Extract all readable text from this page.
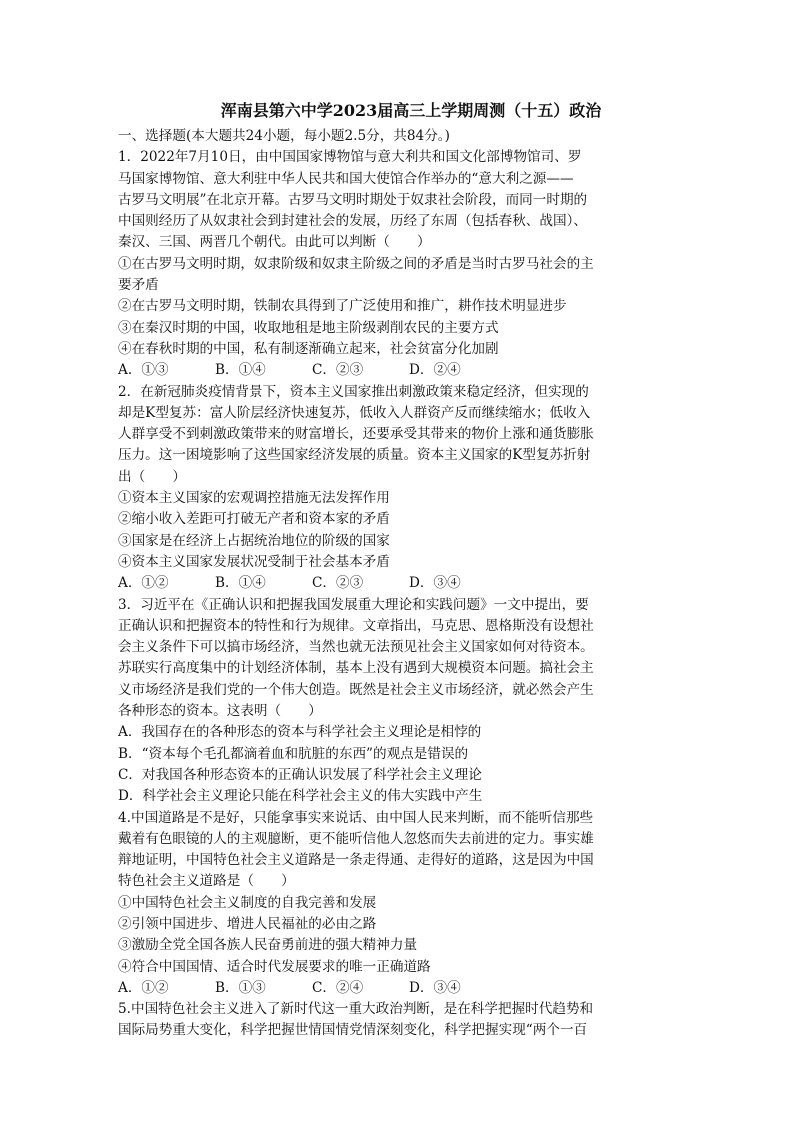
浑南县第六中学2023届高三上学期周测（十五）政治
一、选择题(本大题共24小题，每小题2.5分，共84分。)
1．2022年7月10日，由中国国家博物馆与意大利共和国文化部博物馆司、罗
马国家博物馆、意大利驻中华人民共和国大使馆合作举办的“意大利之源——
古罗马文明展”在北京开幕。古罗马文明时期处于奴隶社会阶段，而同一时期的
中国则经历了从奴隶社会到封建社会的发展，历经了东周（包括春秋、战国）、
秦汉、三国、两晋几个朝代。由此可以判断（　　）
①在古罗马文明时期，奴隶阶级和奴隶主阶级之间的矛盾是当时古罗马社会的主
要矛盾
②在古罗马文明时期，铁制农具得到了广泛使用和推广，耕作技术明显进步
③在秦汉时期的中国，收取地租是地主阶级剥削农民的主要方式
④在春秋时期的中国，私有制逐渐确立起来，社会贫富分化加剧
A．①③	B．①④	C．②③	D．②④
2．在新冠肺炎疫情背景下，资本主义国家推出刺激政策来稳定经济，但实现的
却是K型复苏：富人阶层经济快速复苏，低收入人群资产反而继续缩水；低收入
人群享受不到刺激政策带来的财富增长，还要承受其带来的物价上涨和通货膨胀
压力。这一困境影响了这些国家经济发展的质量。资本主义国家的K型复苏折射
出（　　）
①资本主义国家的宏观调控措施无法发挥作用
②缩小收入差距可打破无产者和资本家的矛盾
③国家是在经济上占据统治地位的阶级的国家
④资本主义国家发展状况受制于社会基本矛盾
A．①②	B．①④	C．②③	D．③④
3．习近平在《正确认识和把握我国发展重大理论和实践问题》一文中提出，要
正确认识和把握资本的特性和行为规律。文章指出，马克思、恩格斯没有设想社
会主义条件下可以搞市场经济，当然也就无法预见社会主义国家如何对待资本。
苏联实行高度集中的计划经济体制，基本上没有遇到大规模资本问题。搞社会主
义市场经济是我们党的一个伟大创造。既然是社会主义市场经济，就必然会产生
各种形态的资本。这表明（　　）
A．我国存在的各种形态的资本与科学社会主义理论是相悖的
B．“资本每个毛孔都滴着血和肮脏的东西”的观点是错误的
C．对我国各种形态资本的正确认识发展了科学社会主义理论
D．科学社会主义理论只能在科学社会主义的伟大实践中产生
4.中国道路是不是好，只能拿事实来说话、由中国人民来判断，而不能听信那些
戴着有色眼镜的人的主观臆断，更不能听信他人忽悠而失去前进的定力。事实雄
辩地证明，中国特色社会主义道路是一条走得通、走得好的道路，这是因为中国
特色社会主义道路是（　　）
①中国特色社会主义制度的自我完善和发展
②引领中国进步、增进人民福祉的必由之路
③激励全党全国各族人民奋勇前进的强大精神力量
④符合中国国情、适合时代发展要求的唯一正确道路
A．①②	B．①③	C．②④	D．③④
5.中国特色社会主义进入了新时代这一重大政治判断，是在科学把握时代趋势和
国际局势重大变化，科学把握世情国情党情深刻变化，科学把握实现“两个一百
